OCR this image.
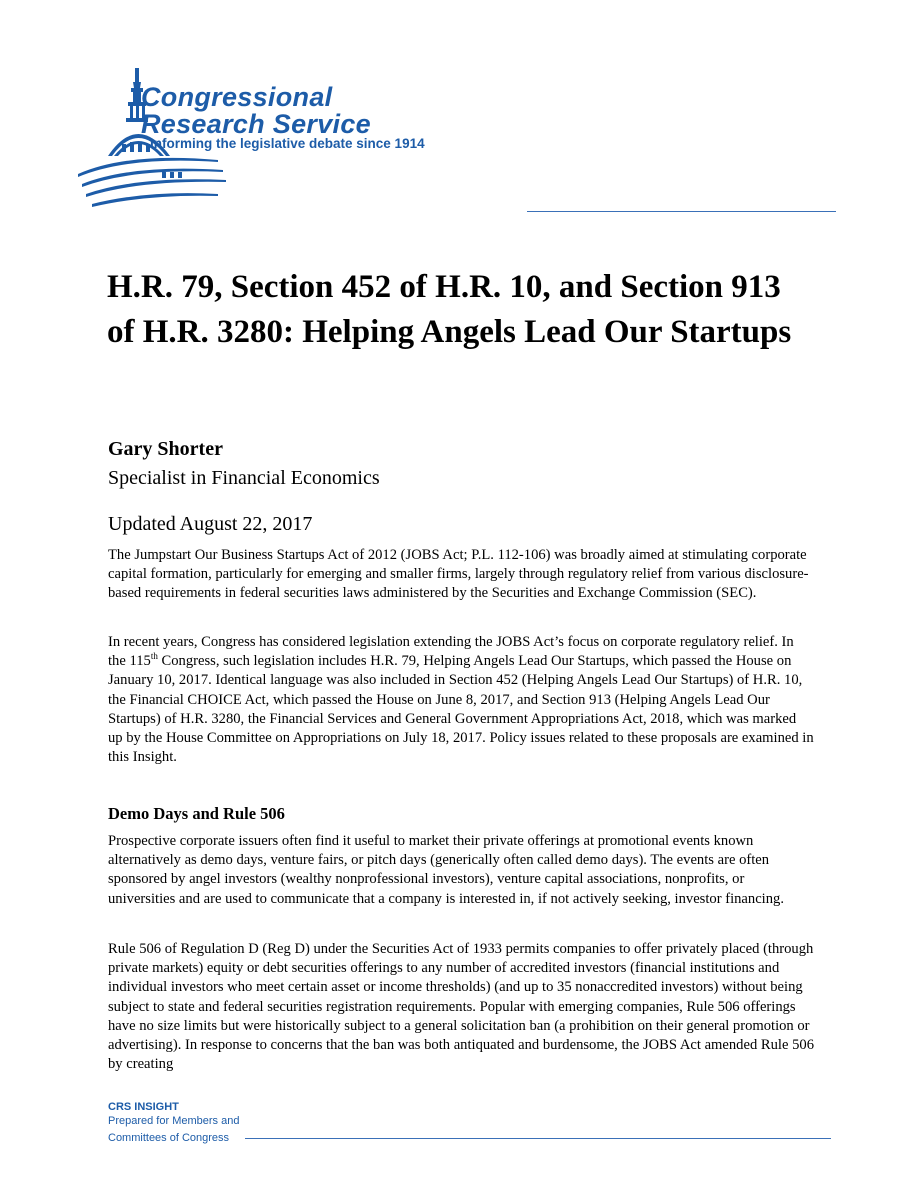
Congressional
Research Service
Informing the legislative debate since 1914
H.R. 79, Section 452 of H.R. 10, and Section 913 of H.R. 3280: Helping Angels Lead Our Startups
Gary Shorter
Specialist in Financial Economics
Updated August 22, 2017

The Jumpstart Our Business Startups Act of 2012 (JOBS Act; P.L. 112-106) was broadly aimed at stimulating corporate capital formation, particularly for emerging and smaller firms, largely through regulatory relief from various disclosure-based requirements in federal securities laws administered by the Securities and Exchange Commission (SEC).

In recent years, Congress has considered legislation extending the JOBS Act’s focus on corporate regulatory relief. In the 115th Congress, such legislation includes H.R. 79, Helping Angels Lead Our Startups, which passed the House on January 10, 2017. Identical language was also included in Section 452 (Helping Angels Lead Our Startups) of H.R. 10, the Financial CHOICE Act, which passed the House on June 8, 2017, and Section 913 (Helping Angels Lead Our Startups) of H.R. 3280, the Financial Services and General Government Appropriations Act, 2018, which was marked up by the House Committee on Appropriations on July 18, 2017. Policy issues related to these proposals are examined in this Insight.

Demo Days and Rule 506

Prospective corporate issuers often find it useful to market their private offerings at promotional events known alternatively as demo days, venture fairs, or pitch days (generically often called demo days). The events are often sponsored by angel investors (wealthy nonprofessional investors), venture capital associations, nonprofits, or universities and are used to communicate that a company is interested in, if not actively seeking, investor financing.

Rule 506 of Regulation D (Reg D) under the Securities Act of 1933 permits companies to offer privately placed (through private markets) equity or debt securities offerings to any number of accredited investors (financial institutions and individual investors who meet certain asset or income thresholds) (and up to 35 nonaccredited investors) without being subject to state and federal securities registration requirements. Popular with emerging companies, Rule 506 offerings have no size limits but were historically subject to a general solicitation ban (a prohibition on their general promotion or advertising). In response to concerns that the ban was both antiquated and burdensome, the JOBS Act amended Rule 506 by creating

CRS INSIGHT
Prepared for Members and
Committees of Congress
